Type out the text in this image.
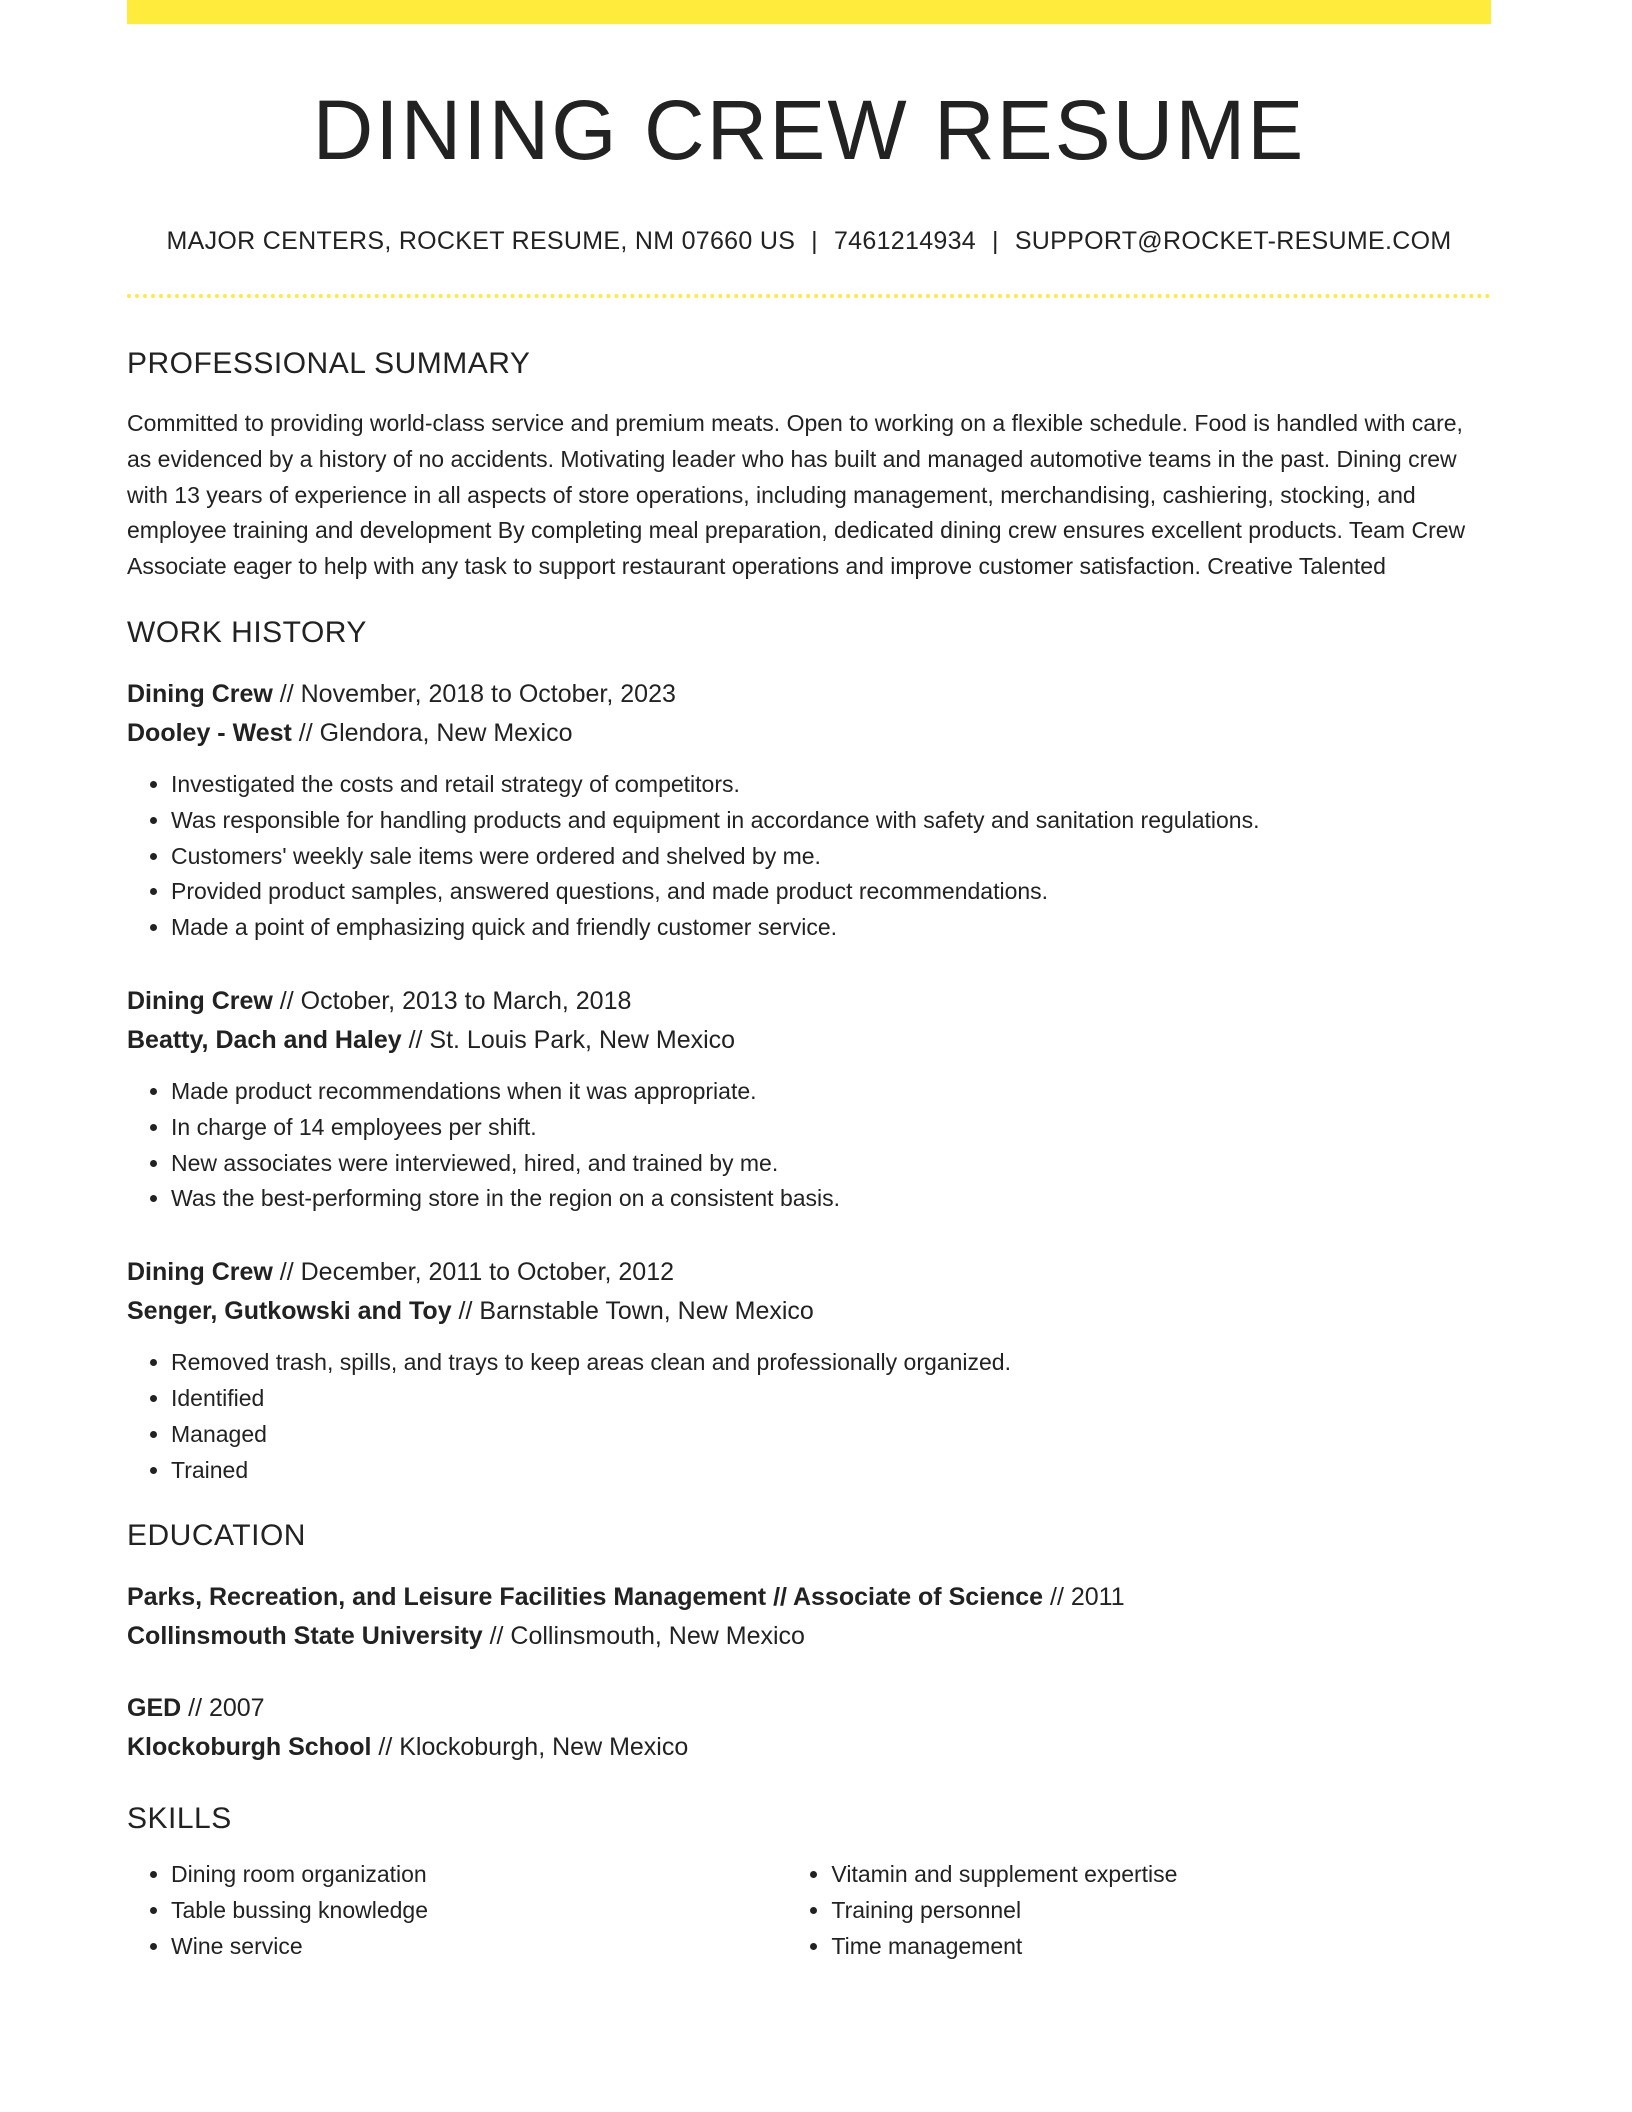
DINING CREW RESUME
MAJOR CENTERS, ROCKET RESUME, NM 07660 US | 7461214934 | SUPPORT@ROCKET-RESUME.COM
PROFESSIONAL SUMMARY
Committed to providing world-class service and premium meats. Open to working on a flexible schedule. Food is handled with care, as evidenced by a history of no accidents. Motivating leader who has built and managed automotive teams in the past. Dining crew with 13 years of experience in all aspects of store operations, including management, merchandising, cashiering, stocking, and employee training and development By completing meal preparation, dedicated dining crew ensures excellent products. Team Crew Associate eager to help with any task to support restaurant operations and improve customer satisfaction. Creative Talented
WORK HISTORY
Dining Crew // November, 2018 to October, 2023
Dooley - West // Glendora, New Mexico
• Investigated the costs and retail strategy of competitors.
• Was responsible for handling products and equipment in accordance with safety and sanitation regulations.
• Customers' weekly sale items were ordered and shelved by me.
• Provided product samples, answered questions, and made product recommendations.
• Made a point of emphasizing quick and friendly customer service.
Dining Crew // October, 2013 to March, 2018
Beatty, Dach and Haley // St. Louis Park, New Mexico
• Made product recommendations when it was appropriate.
• In charge of 14 employees per shift.
• New associates were interviewed, hired, and trained by me.
• Was the best-performing store in the region on a consistent basis.
Dining Crew // December, 2011 to October, 2012
Senger, Gutkowski and Toy // Barnstable Town, New Mexico
• Removed trash, spills, and trays to keep areas clean and professionally organized.
• Identified
• Managed
• Trained
EDUCATION
Parks, Recreation, and Leisure Facilities Management // Associate of Science // 2011
Collinsmouth State University // Collinsmouth, New Mexico
GED // 2007
Klockoburgh School // Klockoburgh, New Mexico
SKILLS
• Dining room organization
• Table bussing knowledge
• Wine service
• Vitamin and supplement expertise
• Training personnel
• Time management
